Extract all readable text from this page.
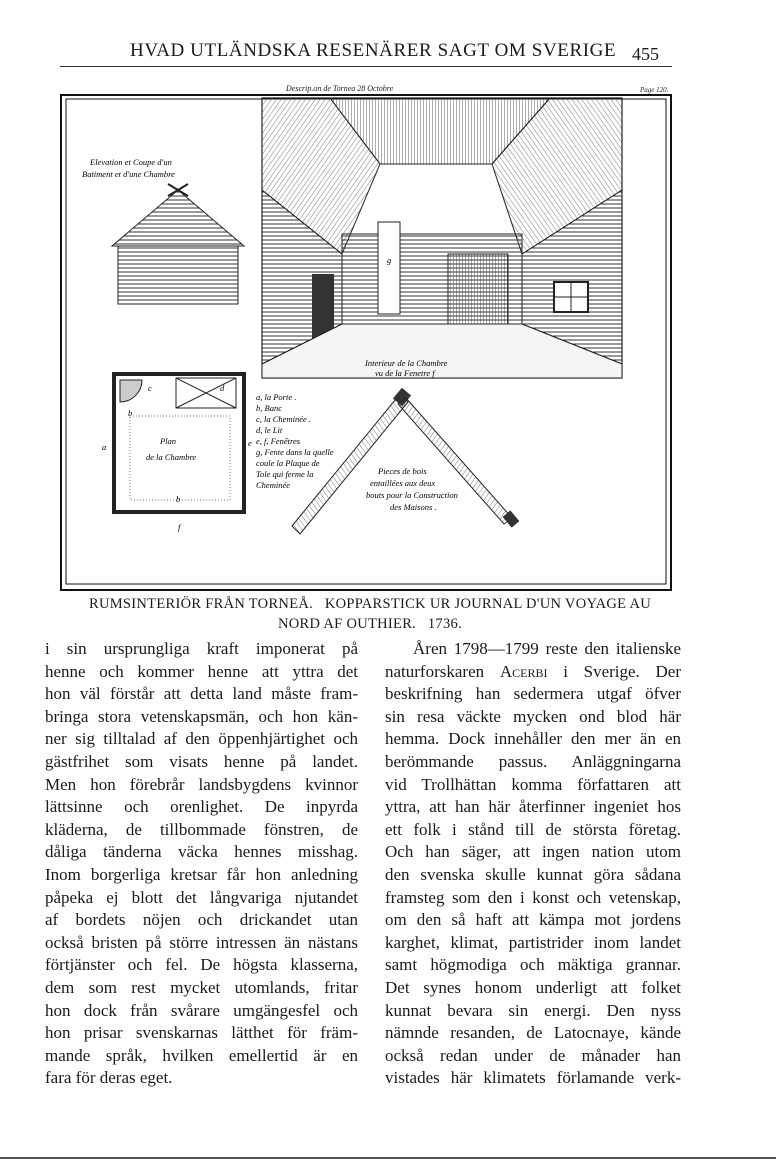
HVAD UTLÄNDSKA RESENÄRER SAGT OM SVERIGE 455
Descrip.on de Tornea 28 Octobre	Page 120.
g
Interieur de la Chambre
vu de la Fenetre f
Elevation et Coupe d'un
Batiment et d'une Chambre
Plan
de la Chambre
c	d
a	e
b
b
f
a, la Porte .
b, Banc
c, la Cheminée .
d, le Lit
e, f, Fenêtres
g, Fente dans la quelle
coule la Plaque de
Tole qui ferme la
Cheminée
Pieces de bois
entaillées aux deux
bouts pour la Construction
des Maisons .
RUMSINTERIÖR FRÅN TORNEÅ.   KOPPARSTICK UR JOURNAL D'UN VOYAGE AU
NORD AF OUTHIER.   1736.
i sin ursprungliga kraft imponerat på
henne och kommer henne att yttra det
hon väl förstår att detta land måste fram-
bringa stora vetenskapsmän, och hon kän-
ner sig tilltalad af den öppenhjärtighet och
gästfrihet som visats henne på landet.
Men hon förebrår landsbygdens kvinnor
lättsinne och orenlighet. De inpyrda
kläderna, de tillbommade fönstren, de
dåliga tänderna väcka hennes misshag.
Inom borgerliga kretsar får hon anledning
påpeka ej blott det långvariga njutandet
af bordets nöjen och drickandet utan
också bristen på större intressen än nästans
förtjänster och fel. De högsta klasserna,
dem som rest mycket utomlands, fritar
hon dock från svårare umgängesfel och
hon prisar svenskarnas lätthet för främ-
mande språk, hvilken emellertid är en
fara för deras eget.
Åren 1798—1799 reste den italienske
naturforskaren Acerbi i Sverige. Der
beskrifning han sedermera utgaf öfver
sin resa väckte mycken ond blod här
hemma. Dock innehåller den mer än en
berömmande passus. Anläggningarna
vid Trollhättan komma författaren att
yttra, att han här återfinner ingeniet hos
ett folk i stånd till de största företag.
Och han säger, att ingen nation utom
den svenska skulle kunnat göra sådana
framsteg som den i konst och vetenskap,
om den så haft att kämpa mot jordens
karghet, klimat, partistrider inom landet
samt högmodiga och mäktiga grannar.
Det synes honom underligt att folket
kunnat bevara sin energi. Den nyss
nämnde resanden, de Latocnaye, kände
också redan under de månader han
vistades här klimatets förlamande verk-
